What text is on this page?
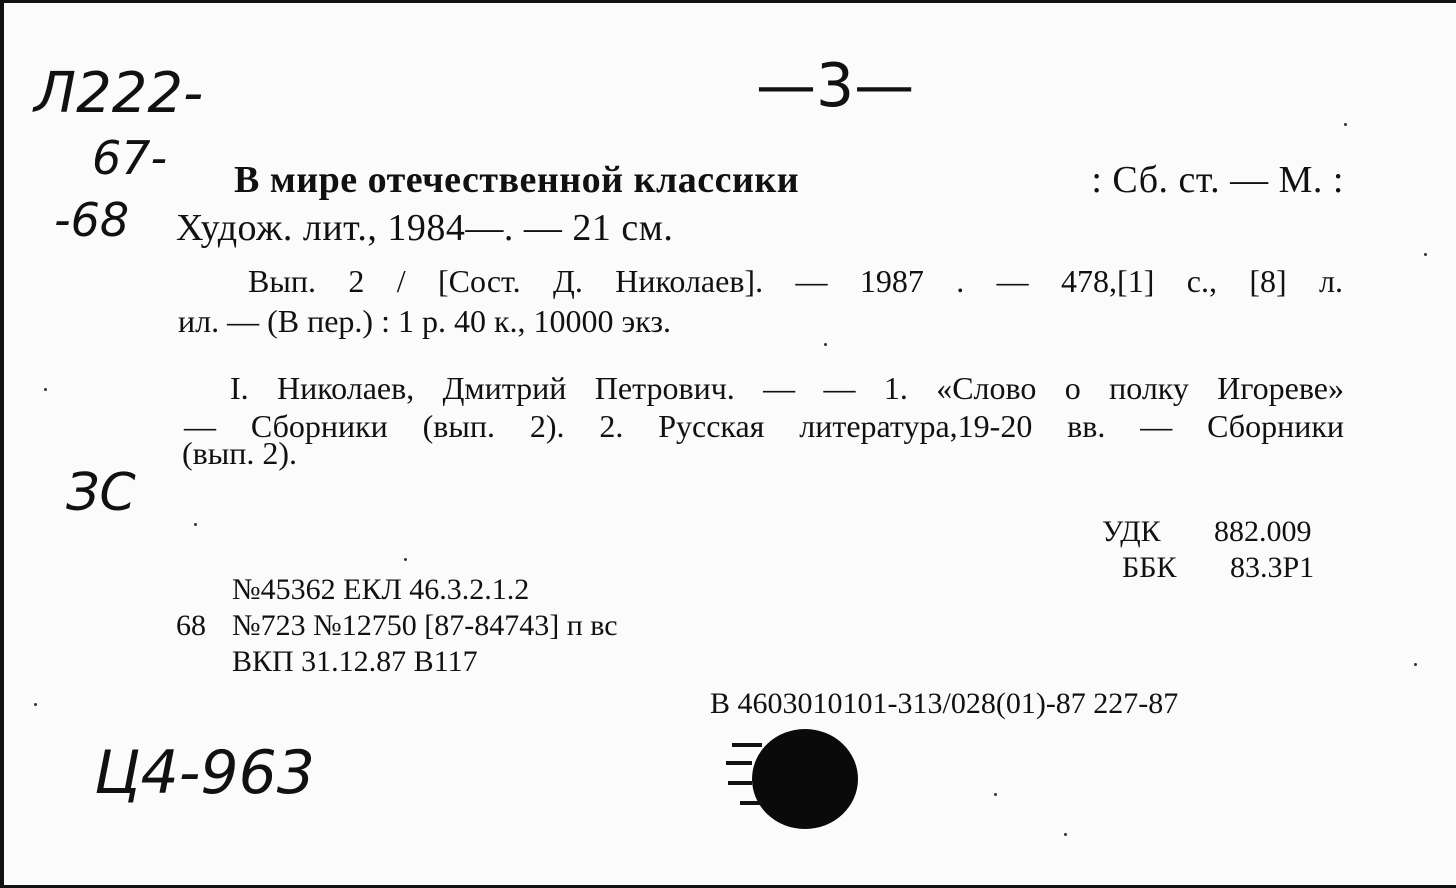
Л222-
67-
-68
—3—
В мире отечественной классики	: Сб. ст. — М. :
Худож. лит., 1984—. — 21 см.
Вып. 2 / [Сост. Д. Николаев]. — 1987 . — 478,[1] с., [8] л.
ил. — (В пер.) : 1 р. 40 к., 10000 экз.
I. Николаев, Дмитрий Петрович. — — 1. «Слово о полку Игореве»
— Сборники (вып. 2). 2. Русская литература,19-20 вв. — Сборники
(вып. 2).
ЗС
УДК 882.009
ББК 83.3Р1
№45362 ЕКЛ 46.3.2.1.2
68 №723 №12750 [87-84743] п вс
ВКП 31.12.87 В117
В 4603010101-313/028(01)-87 227-87
Ц4-963
